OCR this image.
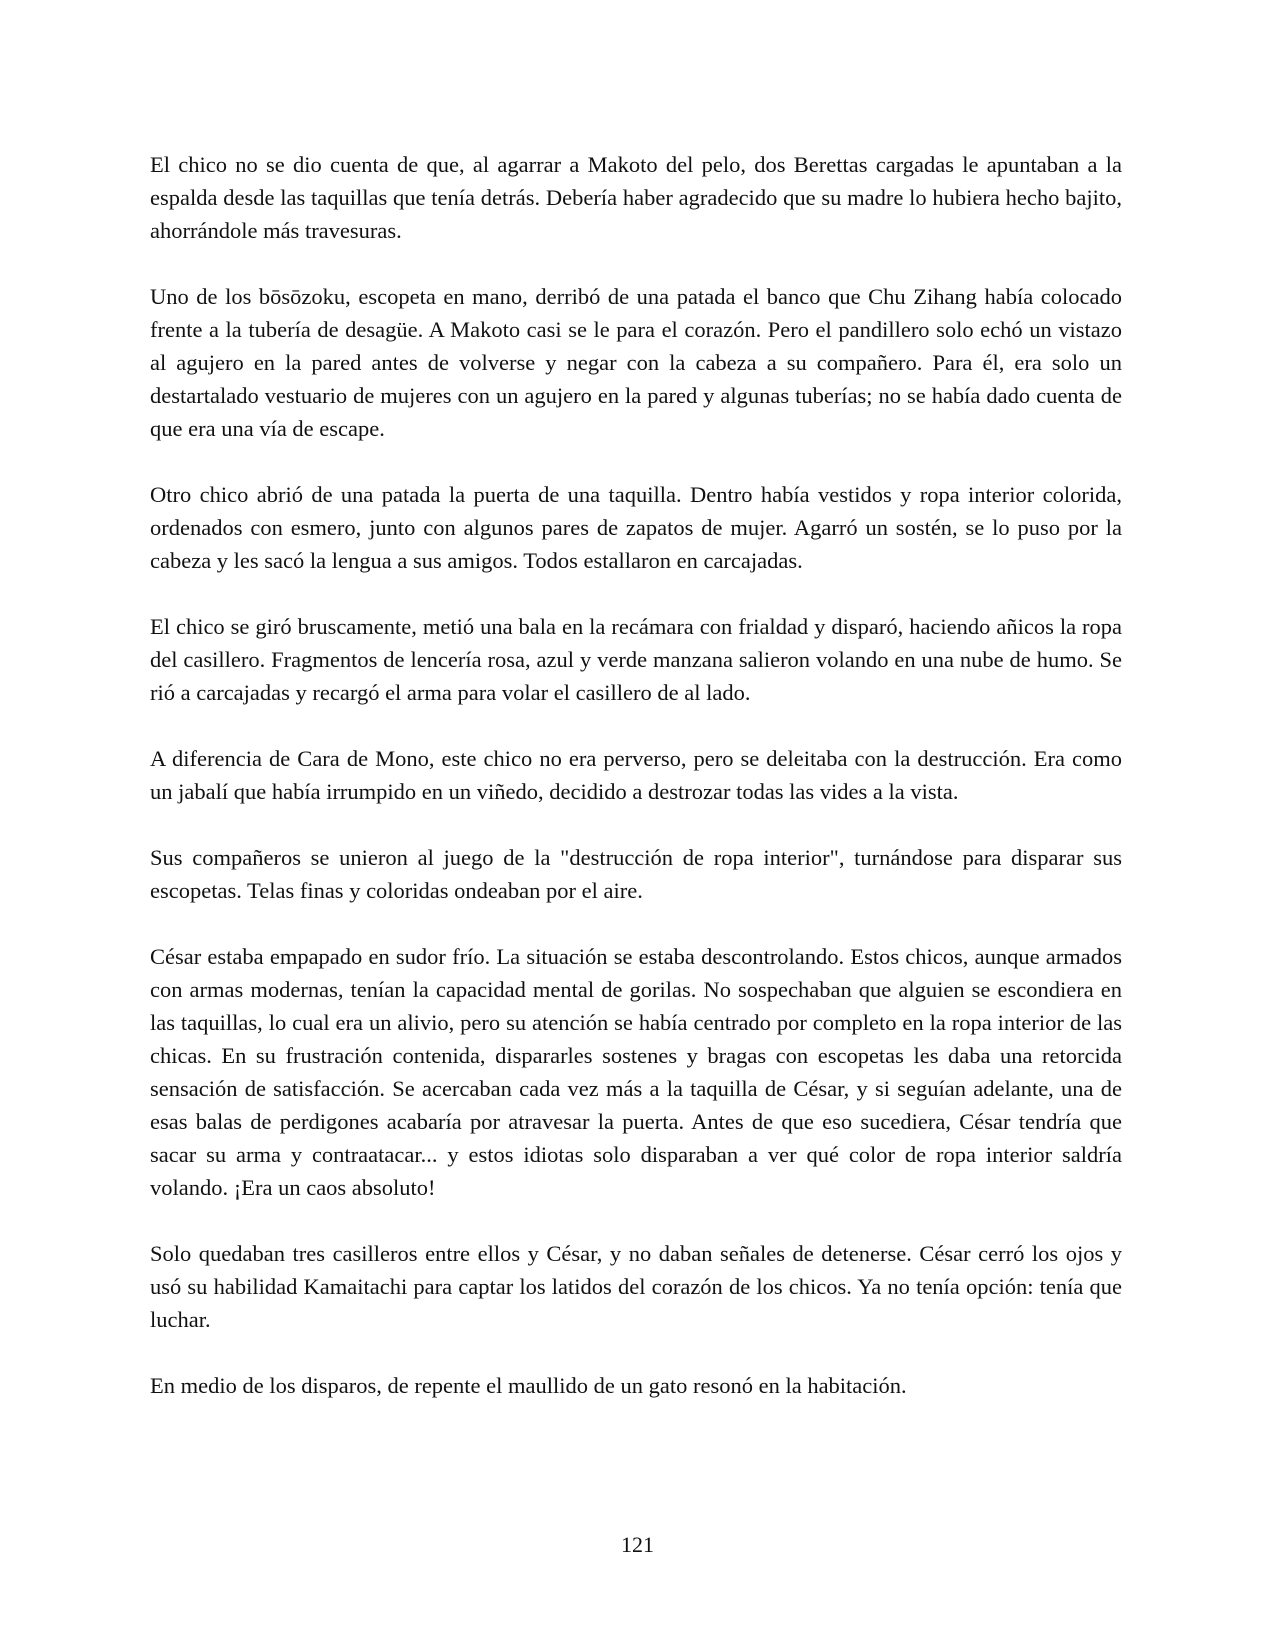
El chico no se dio cuenta de que, al agarrar a Makoto del pelo, dos Berettas cargadas le apuntaban a la espalda desde las taquillas que tenía detrás. Debería haber agradecido que su madre lo hubiera hecho bajito, ahorrándole más travesuras.

Uno de los bōsōzoku, escopeta en mano, derribó de una patada el banco que Chu Zihang había colocado frente a la tubería de desagüe. A Makoto casi se le para el corazón. Pero el pandillero solo echó un vistazo al agujero en la pared antes de volverse y negar con la cabeza a su compañero. Para él, era solo un destartalado vestuario de mujeres con un agujero en la pared y algunas tuberías; no se había dado cuenta de que era una vía de escape.

Otro chico abrió de una patada la puerta de una taquilla. Dentro había vestidos y ropa interior colorida, ordenados con esmero, junto con algunos pares de zapatos de mujer. Agarró un sostén, se lo puso por la cabeza y les sacó la lengua a sus amigos. Todos estallaron en carcajadas.

El chico se giró bruscamente, metió una bala en la recámara con frialdad y disparó, haciendo añicos la ropa del casillero. Fragmentos de lencería rosa, azul y verde manzana salieron volando en una nube de humo. Se rió a carcajadas y recargó el arma para volar el casillero de al lado.

A diferencia de Cara de Mono, este chico no era perverso, pero se deleitaba con la destrucción. Era como un jabalí que había irrumpido en un viñedo, decidido a destrozar todas las vides a la vista.

Sus compañeros se unieron al juego de la "destrucción de ropa interior", turnándose para disparar sus escopetas. Telas finas y coloridas ondeaban por el aire.

César estaba empapado en sudor frío. La situación se estaba descontrolando. Estos chicos, aunque armados con armas modernas, tenían la capacidad mental de gorilas. No sospechaban que alguien se escondiera en las taquillas, lo cual era un alivio, pero su atención se había centrado por completo en la ropa interior de las chicas. En su frustración contenida, dispararles sostenes y bragas con escopetas les daba una retorcida sensación de satisfacción. Se acercaban cada vez más a la taquilla de César, y si seguían adelante, una de esas balas de perdigones acabaría por atravesar la puerta. Antes de que eso sucediera, César tendría que sacar su arma y contraatacar... y estos idiotas solo disparaban a ver qué color de ropa interior saldría volando. ¡Era un caos absoluto!

Solo quedaban tres casilleros entre ellos y César, y no daban señales de detenerse. César cerró los ojos y usó su habilidad Kamaitachi para captar los latidos del corazón de los chicos. Ya no tenía opción: tenía que luchar.

En medio de los disparos, de repente el maullido de un gato resonó en la habitación.

121
